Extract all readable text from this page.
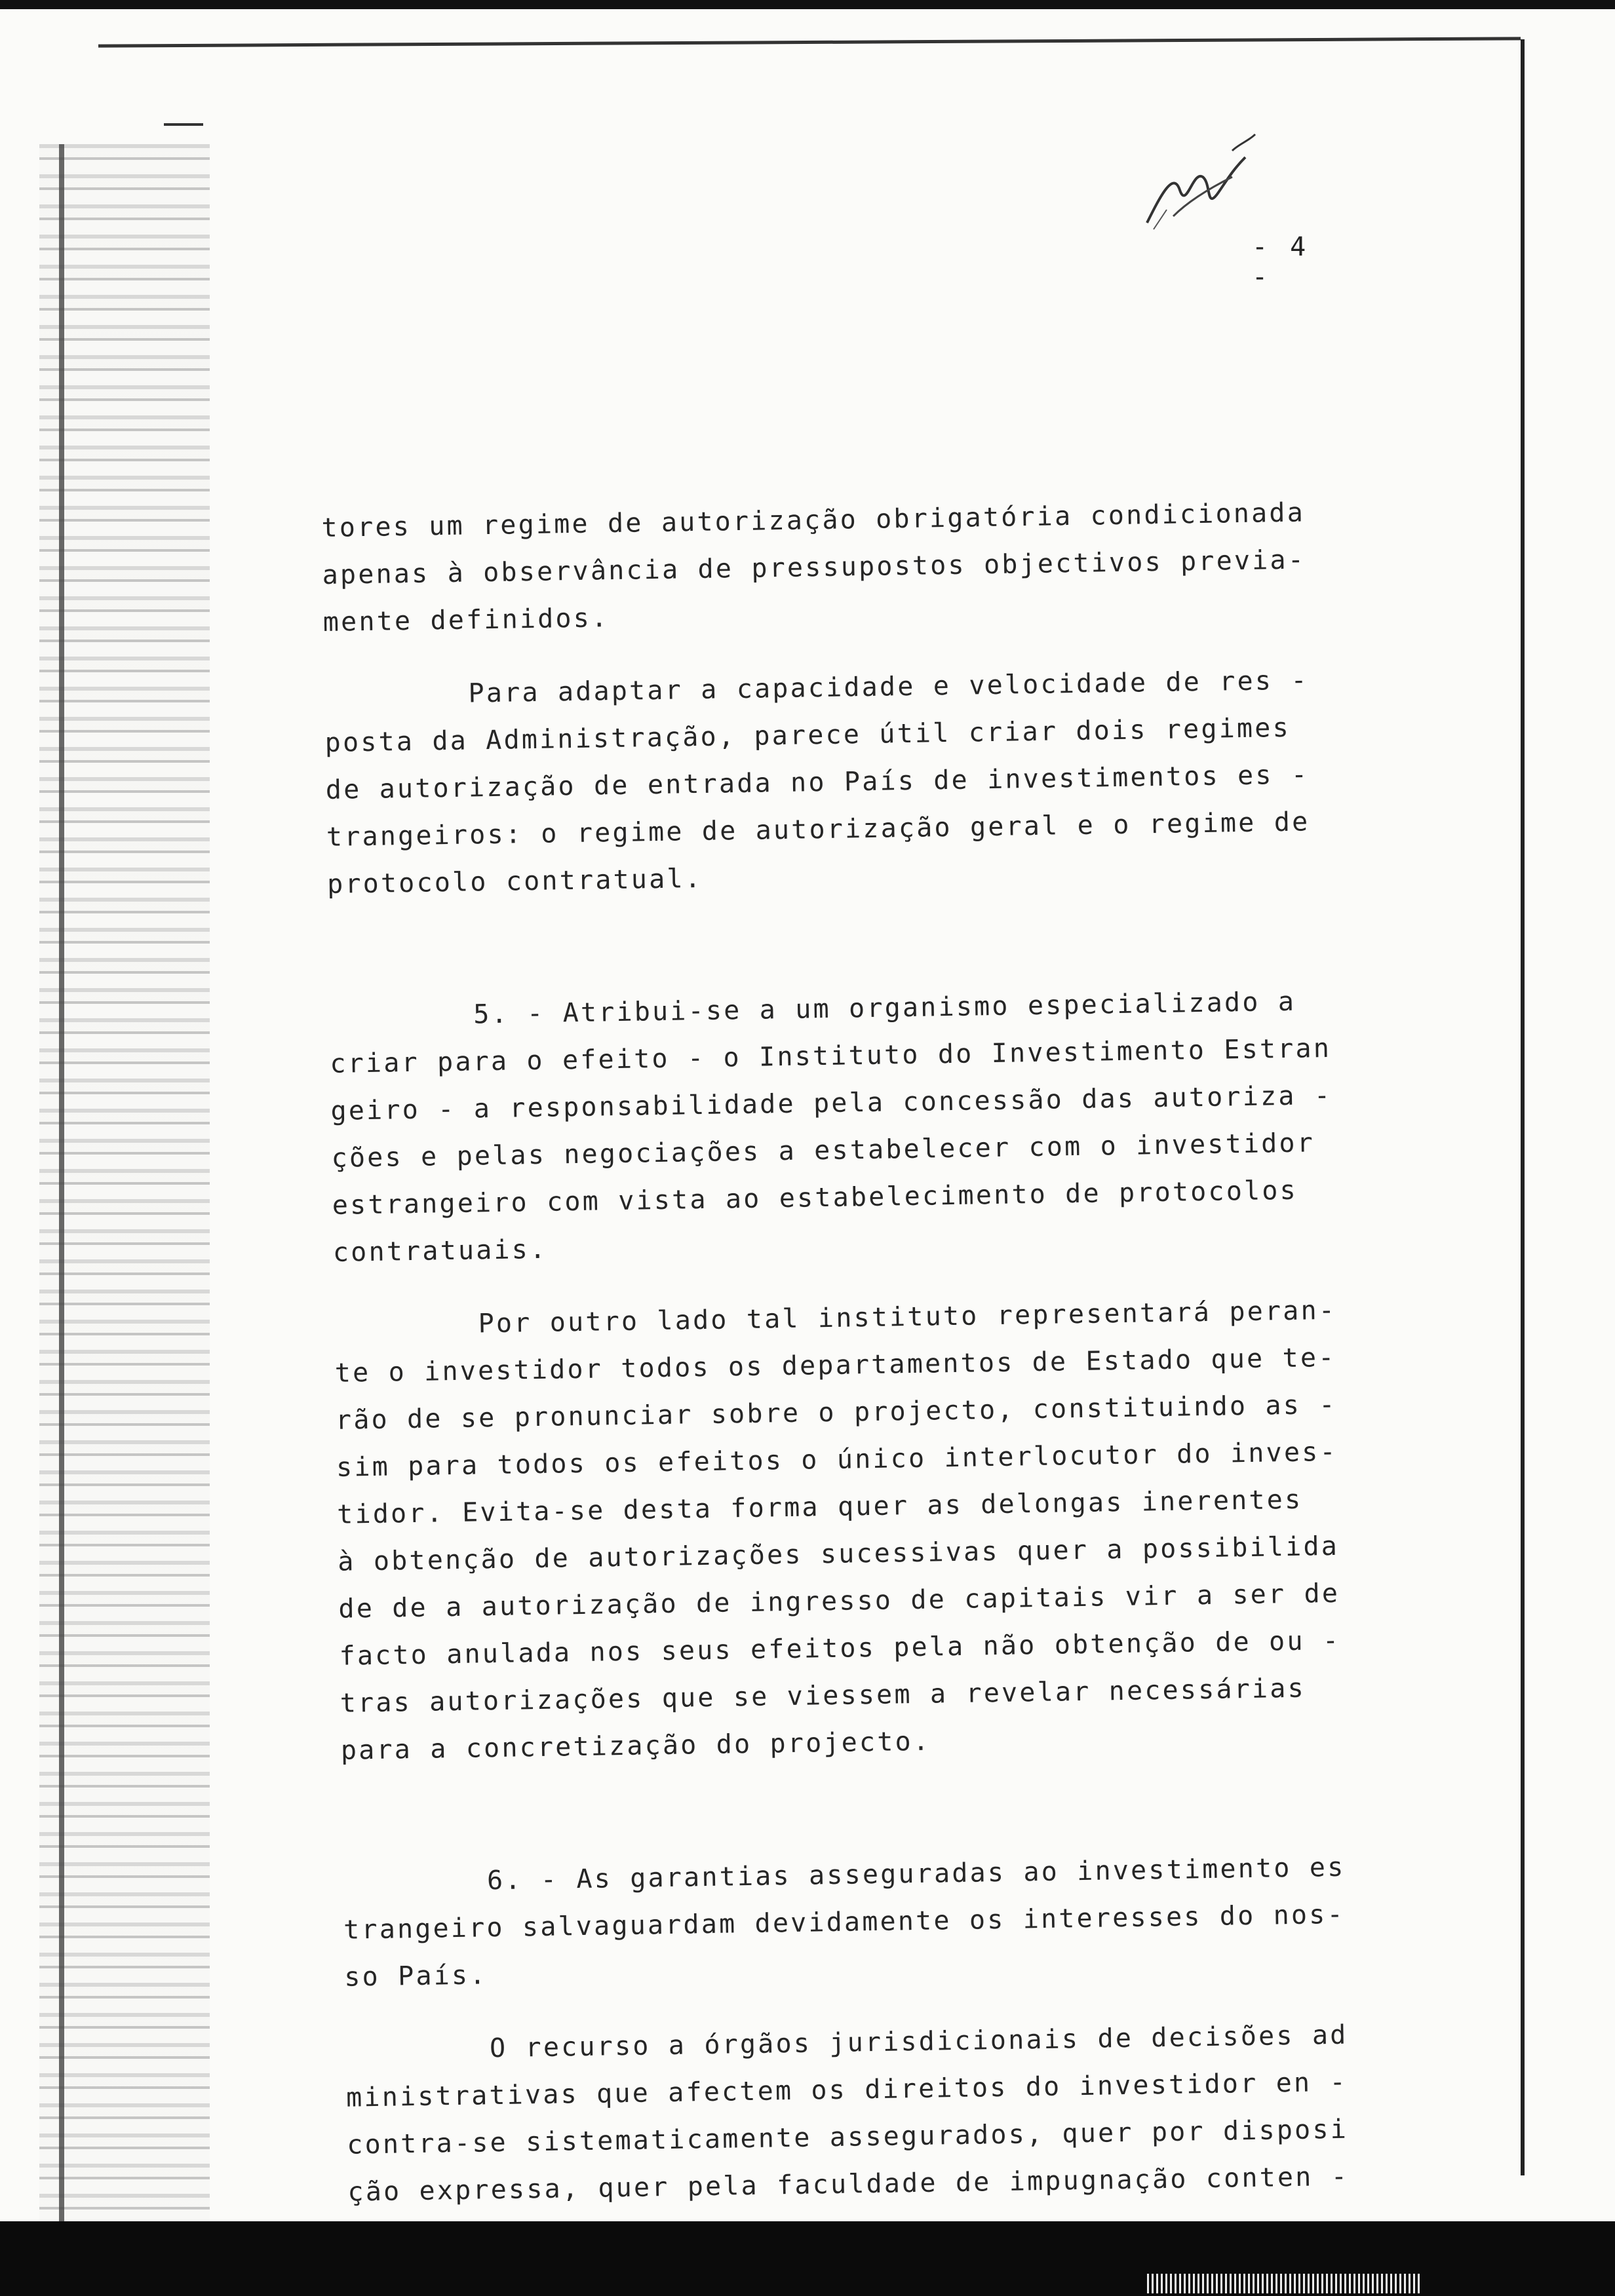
- 4 -
tores um regime de autorização obrigatória condicionada
apenas à observância de pressupostos objectivos previa-
mente definidos.
Para adaptar a capacidade e velocidade de res -
posta da Administração, parece útil criar dois regimes
de autorização de entrada no País de investimentos es -
trangeiros: o regime de autorização geral e o regime de
protocolo contratual.
5. - Atribui-se a um organismo especializado a
criar para o efeito - o Instituto do Investimento Estran
geiro - a responsabilidade pela concessão das autoriza -
ções e pelas negociações a estabelecer com o investidor
estrangeiro com vista ao estabelecimento de protocolos
contratuais.
Por outro lado tal instituto representará peran-
te o investidor todos os departamentos de Estado que te-
rão de se pronunciar sobre o projecto, constituindo as -
sim para todos os efeitos o único interlocutor do inves-
tidor. Evita-se desta forma quer as delongas inerentes
à obtenção de autorizações sucessivas quer a possibilida
de de a autorização de ingresso de capitais vir a ser de
facto anulada nos seus efeitos pela não obtenção de ou -
tras autorizações que se viessem a revelar necessárias
para a concretização do projecto.
6. - As garantias asseguradas ao investimento es
trangeiro salvaguardam devidamente os interesses do nos-
so País.
O recurso a órgãos jurisdicionais de decisões ad
ministrativas que afectem os direitos do investidor en -
contra-se sistematicamente assegurados, quer por disposi
ção expressa, quer pela faculdade de impugnação conten -
